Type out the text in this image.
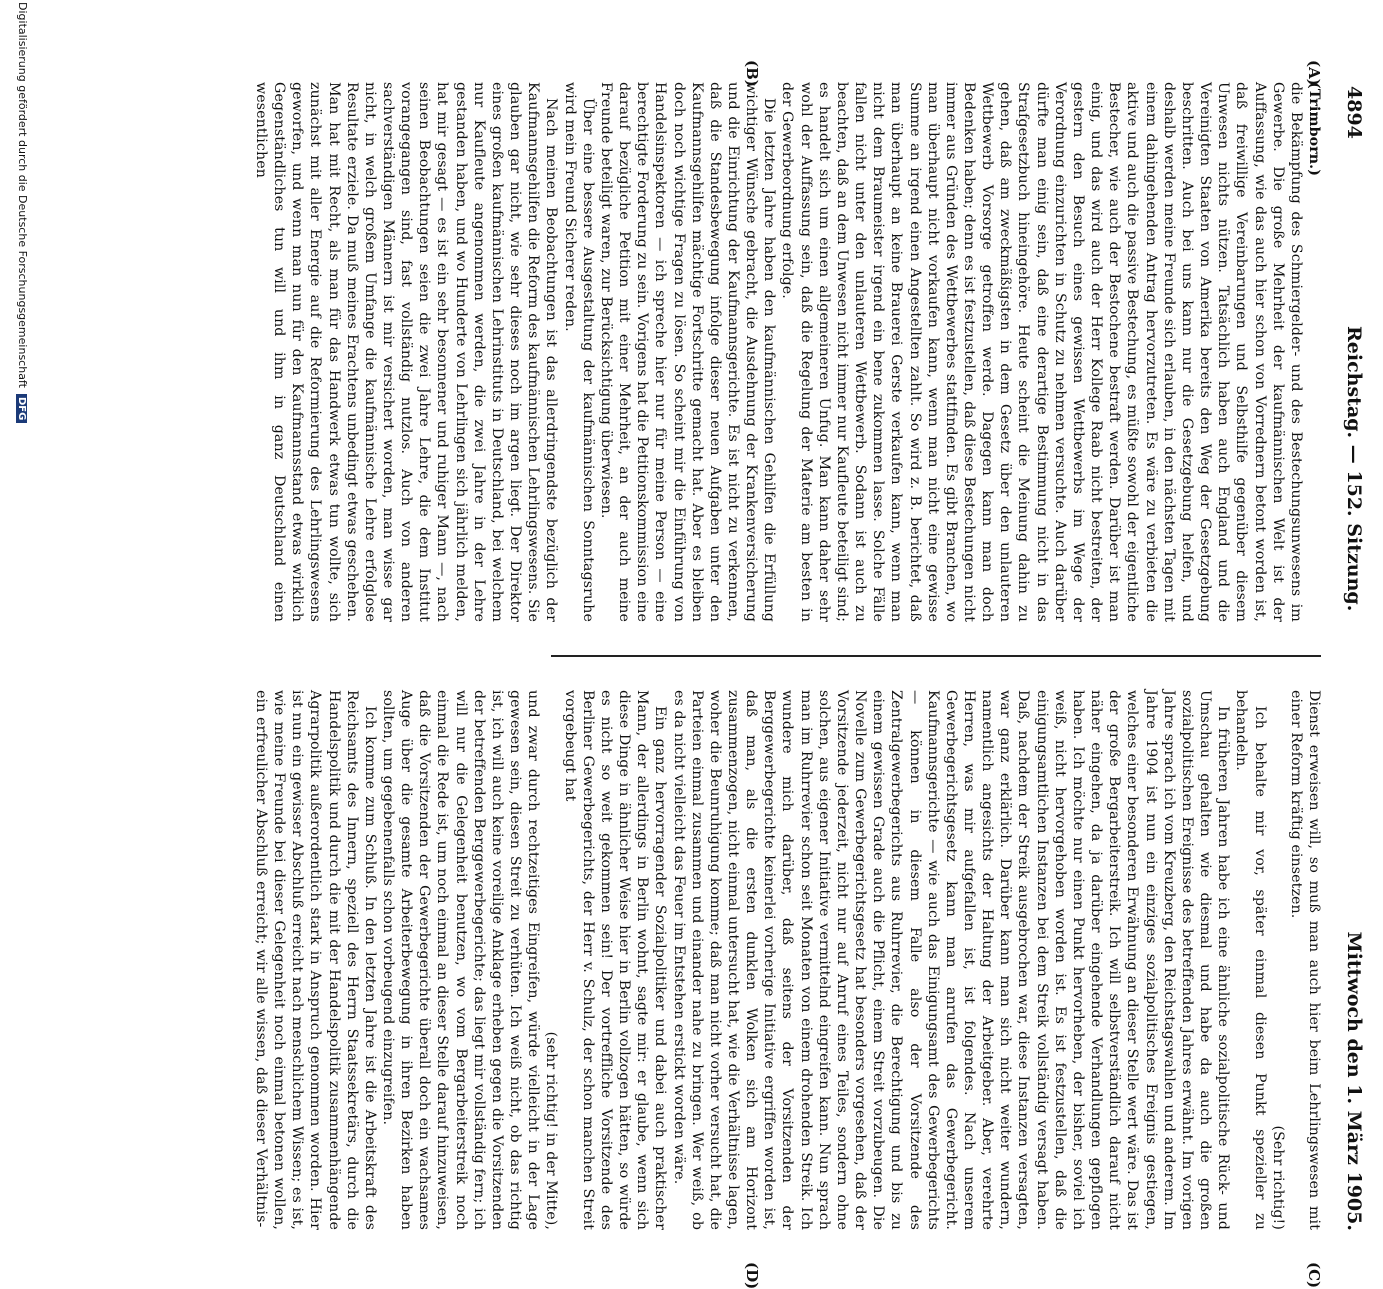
4894
Reichstag. — 152. Sitzung.
Mittwoch den 1. März 1905.
(A)
(B)
(C)
(D)

(Trimborn.)

die Bekämpfung des Schmiergelder- und des Bestechungsunwesens im Gewerbe. Die große Mehrheit der kaufmännischen Welt ist der Auffassung, wie das auch hier schon von Vorrednern betont worden ist, daß freiwillige Vereinbarungen und Selbsthilfe gegenüber diesem Unwesen nichts nützen. Tatsächlich haben auch England und die Vereinigten Staaten von Amerika bereits den Weg der Gesetzgebung beschritten. Auch bei uns kann nur die Gesetzgebung helfen, und deshalb werden meine Freunde sich erlauben, in den nächsten Tagen mit einem dahingehenden Antrag hervorzutreten. Es wäre zu verbieten die aktive und auch die passive Bestechung, es müßte sowohl der eigentliche Bestecher, wie auch der Bestochene bestraft werden. Darüber ist man einig, und das wird auch der Herr Kollege Raab nicht bestreiten, der gestern den Besuch eines gewissen Wettbewerbs im Wege der Verordnung einzurichten in Schutz zu nehmen versuchte. Auch darüber dürfte man einig sein, daß eine derartige Bestimmung nicht in das Strafgesetzbuch hineingehöre. Heute scheint die Meinung dahin zu gehen, daß am zweckmäßigsten in dem Gesetz über den unlauteren Wettbewerb Vorsorge getroffen werde. Dagegen kann man doch Bedenken haben; denn es ist festzustellen, daß diese Bestechungen nicht immer aus Gründen des Wettbewerbes stattfinden. Es gibt Branchen, wo man überhaupt nicht vorkaufen kann, wenn man nicht eine gewisse Summe an irgend einen Angestellten zahlt. So wird z. B. berichtet, daß man überhaupt an keine Brauerei Gerste verkaufen kann, wenn man nicht dem Braumeister irgend ein bene zukommen lasse. Solche Fälle fallen nicht unter den unlauteren Wettbewerb. Sodann ist auch zu beachten, daß an dem Unwesen nicht immer nur Kaufleute beteiligt sind; es handelt sich um einen allgemeineren Unfug. Man kann daher sehr wohl der Auffassung sein, daß die Regelung der Materie am besten in der Gewerbeordnung erfolge.

Die letzten Jahre haben den kaufmännischen Gehilfen die Erfüllung wichtiger Wünsche gebracht, die Ausdehnung der Krankenversicherung und die Einrichtung der Kaufmannsgerichte. Es ist nicht zu verkennen, daß die Standesbewegung infolge dieser neuen Aufgaben unter den Kaufmannsgehilfen mächtige Fortschritte gemacht hat. Aber es bleiben doch noch wichtige Fragen zu lösen. So scheint mir die Einführung von Handelsinspektoren — ich spreche hier nur für meine Person — eine berechtigte Forderung zu sein. Vorigens hat die Petitionskommission eine darauf bezügliche Petition mit einer Mehrheit, an der auch meine Freunde beteiligt waren, zur Berücksichtigung überwiesen.

Über eine bessere Ausgestaltung der kaufmännischen Sonntagsruhe wird mein Freund Sicherer reden.

Nach meinen Beobachtungen ist das allerdringendste bezüglich der Kaufmannsgehilfen die Reform des kaufmännischen Lehrlingswesens. Sie glauben gar nicht, wie sehr dieses noch im argen liegt. Der Direktor eines großen kaufmännischen Lehrinstituts in Deutschland, bei welchem nur Kaufleute angenommen werden, die zwei Jahre in der Lehre gestanden haben, und wo Hunderte von Lehrlingen sich jährlich melden, hat mir gesagt — es ist ein sehr besonnener und ruhiger Mann —, nach seinen Beobachtungen seien die zwei Jahre Lehre, die dem Institut vorangegangen sind, fast vollständig nutzlos. Auch von anderen sachverständigen Männern ist mir versichert worden, man wisse gar nicht, in welch großem Umfange die kaufmännische Lehre erfolglose Resultate erziele. Da muß meines Erachtens unbedingt etwas geschehen. Man hat mit Recht, als man für das Handwerk etwas tun wollte, sich zunächst mit aller Energie auf die Reformierung des Lehrlingswesens geworfen, und wenn man nun für den Kaufmannsstand etwas wirklich Gegenständliches tun will und ihm in ganz Deutschland einen wesentlichen

Dienst erweisen will, so muß man auch hier beim Lehrlingswesen mit einer Reform kräftig einsetzen.

(Sehr richtig!)

Ich behalte mir vor, später einmal diesen Punkt spezieller zu behandeln.

In früheren Jahren habe ich eine ähnliche sozialpolitische Rück- und Umschau gehalten wie diesmal und habe da auch die großen sozialpolitischen Ereignisse des betreffenden Jahres erwähnt. Im vorigen Jahre sprach ich vom Kreuzberg, den Reichstagswahlen und anderem. Im Jahre 1904 ist nun ein einziges sozialpolitisches Ereignis gestiegen, welches einer besonderen Erwähnung an dieser Stelle wert wäre. Das ist der große Bergarbeiterstreik. Ich will selbstverständlich darauf nicht näher eingehen, da ja darüber eingehende Verhandlungen gepflogen haben. Ich möchte nur einen Punkt hervorheben, der bisher, soviel ich weiß, nicht hervorgehoben worden ist. Es ist festzustellen, daß die einigungsamtlichen Instanzen bei dem Streik vollständig versagt haben. Daß, nachdem der Streik ausgebrochen war, diese Instanzen versagten, war ganz erklärlich. Darüber kann man sich nicht weiter wundern, namentlich angesichts der Haltung der Arbeitgeber. Aber, verehrte Herren, was mir aufgefallen ist, ist folgendes. Nach unserem Gewerbegerichtsgesetz kann man anrufen das Gewerbegericht. Kaufmannsgerichte — wie auch das Einigungsamt des Gewerbegerichts — können in diesem Falle also der Vorsitzende des Zentralgewerbegerichts aus Ruhrrevier, die Berechtigung und bis zu einem gewissen Grade auch die Pflicht, einem Streit vorzubeugen. Die Novelle zum Gewerbegerichtsgesetz hat besonders vorgesehen, daß der Vorsitzende jederzeit, nicht nur auf Anruf eines Teiles, sondern ohne solchen, aus eigener Initiative vermittelnd eingreifen kann. Nun sprach man im Ruhrrevier schon seit Monaten von einem drohenden Streik. Ich wundere mich darüber, daß seitens der Vorsitzenden der Berggewerbegerichte keinerlei vorherige Initiative ergriffen worden ist, daß man, als die ersten dunklen Wolken sich am Horizont zusammenzogen, nicht einmal untersucht hat, wie die Verhältnisse lagen, woher die Beunruhigung komme; daß man nicht vorher versucht hat, die Parteien einmal zusammen und einander nahe zu bringen. Wer weiß, ob es da nicht vielleicht das Feuer im Entstehen erstickt worden wäre.

Ein ganz hervorragender Sozialpolitiker und dabei auch praktischer Mann, der allerdings in Berlin wohnt, sagte mir: er glaube, wenn sich diese Dinge in ähnlicher Weise hier in Berlin vollzogen hätten, so würde es nicht so weit gekommen sein! Der vortreffliche Vorsitzende des Berliner Gewerbegerichts, der Herr v. Schulz, der schon manchen Streit vorgebeugt hat

(sehr richtig! in der Mitte),

und zwar durch rechtzeitiges Eingreifen, würde vielleicht in der Lage gewesen sein, diesen Streit zu verhüten. Ich weiß nicht, ob das richtig ist, ich will auch keine voreilige Anklage erheben gegen die Vorsitzenden der betreffenden Berggewerbegerichte; das liegt mir vollständig fern; ich will nur die Gelegenheit benutzen, wo vom Bergarbeiterstreik noch einmal die Rede ist, um noch einmal an dieser Stelle darauf hinzuweisen, daß die Vorsitzenden der Gewerbegerichte überall doch ein wachsames Auge über die gesamte Arbeiterbewegung in ihren Bezirken haben sollten, um gegebenenfalls schon vorbeugend einzugreifen.

Ich komme zum Schluß. In den letzten Jahre ist die Arbeitskraft des Reichsamts des Innern, speziell des Herrn Staatssekretärs, durch die Handelspolitik und durch die mit der Handelspolitik zusammenhängende Agrarpolitik außerordentlich stark in Anspruch genommen worden. Hier ist nun ein gewisser Abschluß erreicht nach menschlichem Wissen; es ist, wie meine Freunde bei dieser Gelegenheit noch einmal betonen wollen, ein erfreulicher Abschluß erreicht; wir alle wissen, daß dieser Verhältnis-

Digitalisierung gefördert durch die Deutsche ForschungsgemeinschaftDFG
